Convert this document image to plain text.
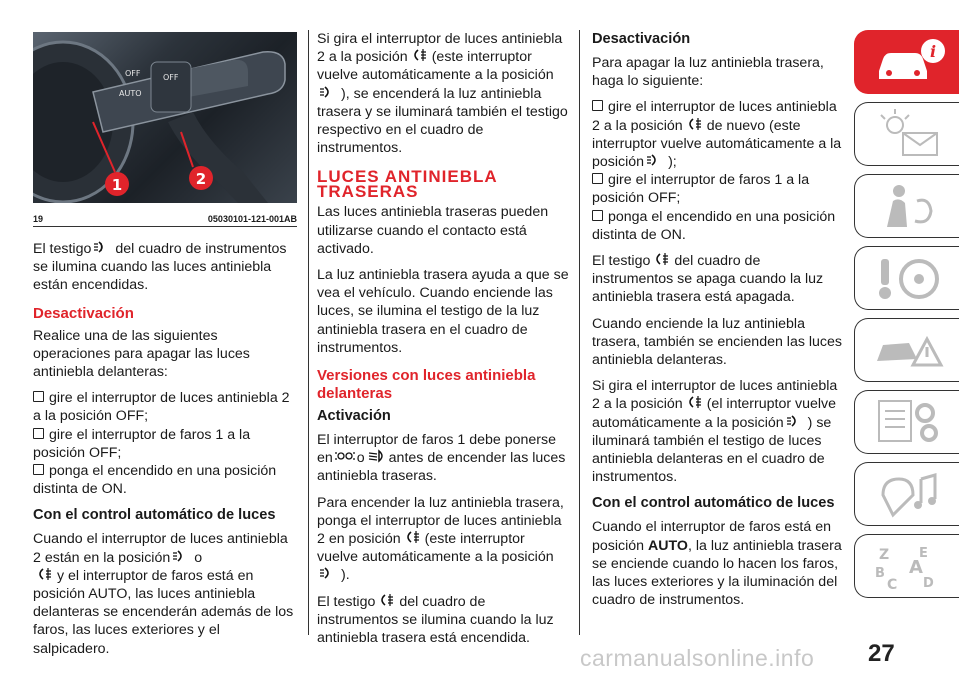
OFF	OFF
AUTO
1	2
19	05030101-121-001AB

El testigo del cuadro de instrumentos se ilumina cuando las luces antiniebla están encendidas.

Desactivación

Realice una de las siguientes operaciones para apagar las luces antiniebla delanteras:

gire el interruptor de luces antiniebla 2 a la posición OFF;

gire el interruptor de faros 1 a la posición OFF;

ponga el encendido en una posición distinta de ON.

Con el control automático de luces

Cuando el interruptor de luces antiniebla 2 están en la posición o
y el interruptor de faros está en posición AUTO, las luces antiniebla delanteras se encenderán además de los faros, las luces exteriores y el salpicadero.

Si gira el interruptor de luces antiniebla 2 a la posición (este interruptor vuelve automáticamente a la posición), se encenderá la luz antiniebla trasera y se iluminará también el testigo respectivo en el cuadro de instrumentos.

LUCES ANTINIEBLA TRASERAS

Las luces antiniebla traseras pueden utilizarse cuando el contacto está activado.

La luz antiniebla trasera ayuda a que se vea el vehículo. Cuando enciende las luces, se ilumina el testigo de la luz antiniebla trasera en el cuadro de instrumentos.

Versiones con luces antiniebla delanteras
Activación

El interruptor de faros 1 debe ponerse en o antes de encender las luces antiniebla traseras.

Para encender la luz antiniebla trasera, ponga el interruptor de luces antiniebla 2 en posición (este interruptor vuelve automáticamente a la posición
).

El testigo del cuadro de instrumentos se ilumina cuando la luz antiniebla trasera está encendida.

Desactivación

Para apagar la luz antiniebla trasera, haga lo siguiente:

gire el interruptor de luces antiniebla 2 a la posición de nuevo (este interruptor vuelve automáticamente a la posición );

gire el interruptor de faros 1 a la posición OFF;

ponga el encendido en una posición distinta de ON.

El testigo del cuadro de instrumentos se apaga cuando la luz antiniebla trasera está apagada.

Cuando enciende la luz antiniebla trasera, también se encienden las luces antiniebla delanteras.

Si gira el interruptor de luces antiniebla 2 a la posición (el interruptor vuelve automáticamente a la posición ) se iluminará también el testigo de luces antiniebla delanteras en el cuadro de instrumentos.

Con el control automático de luces

Cuando el interruptor de faros está en posición AUTO, la luz antiniebla trasera se enciende cuando lo hacen los faros, las luces exteriores y la iluminación del cuadro de instrumentos.

i
Z E
A
B
C D
carmanualsonline.info 27
